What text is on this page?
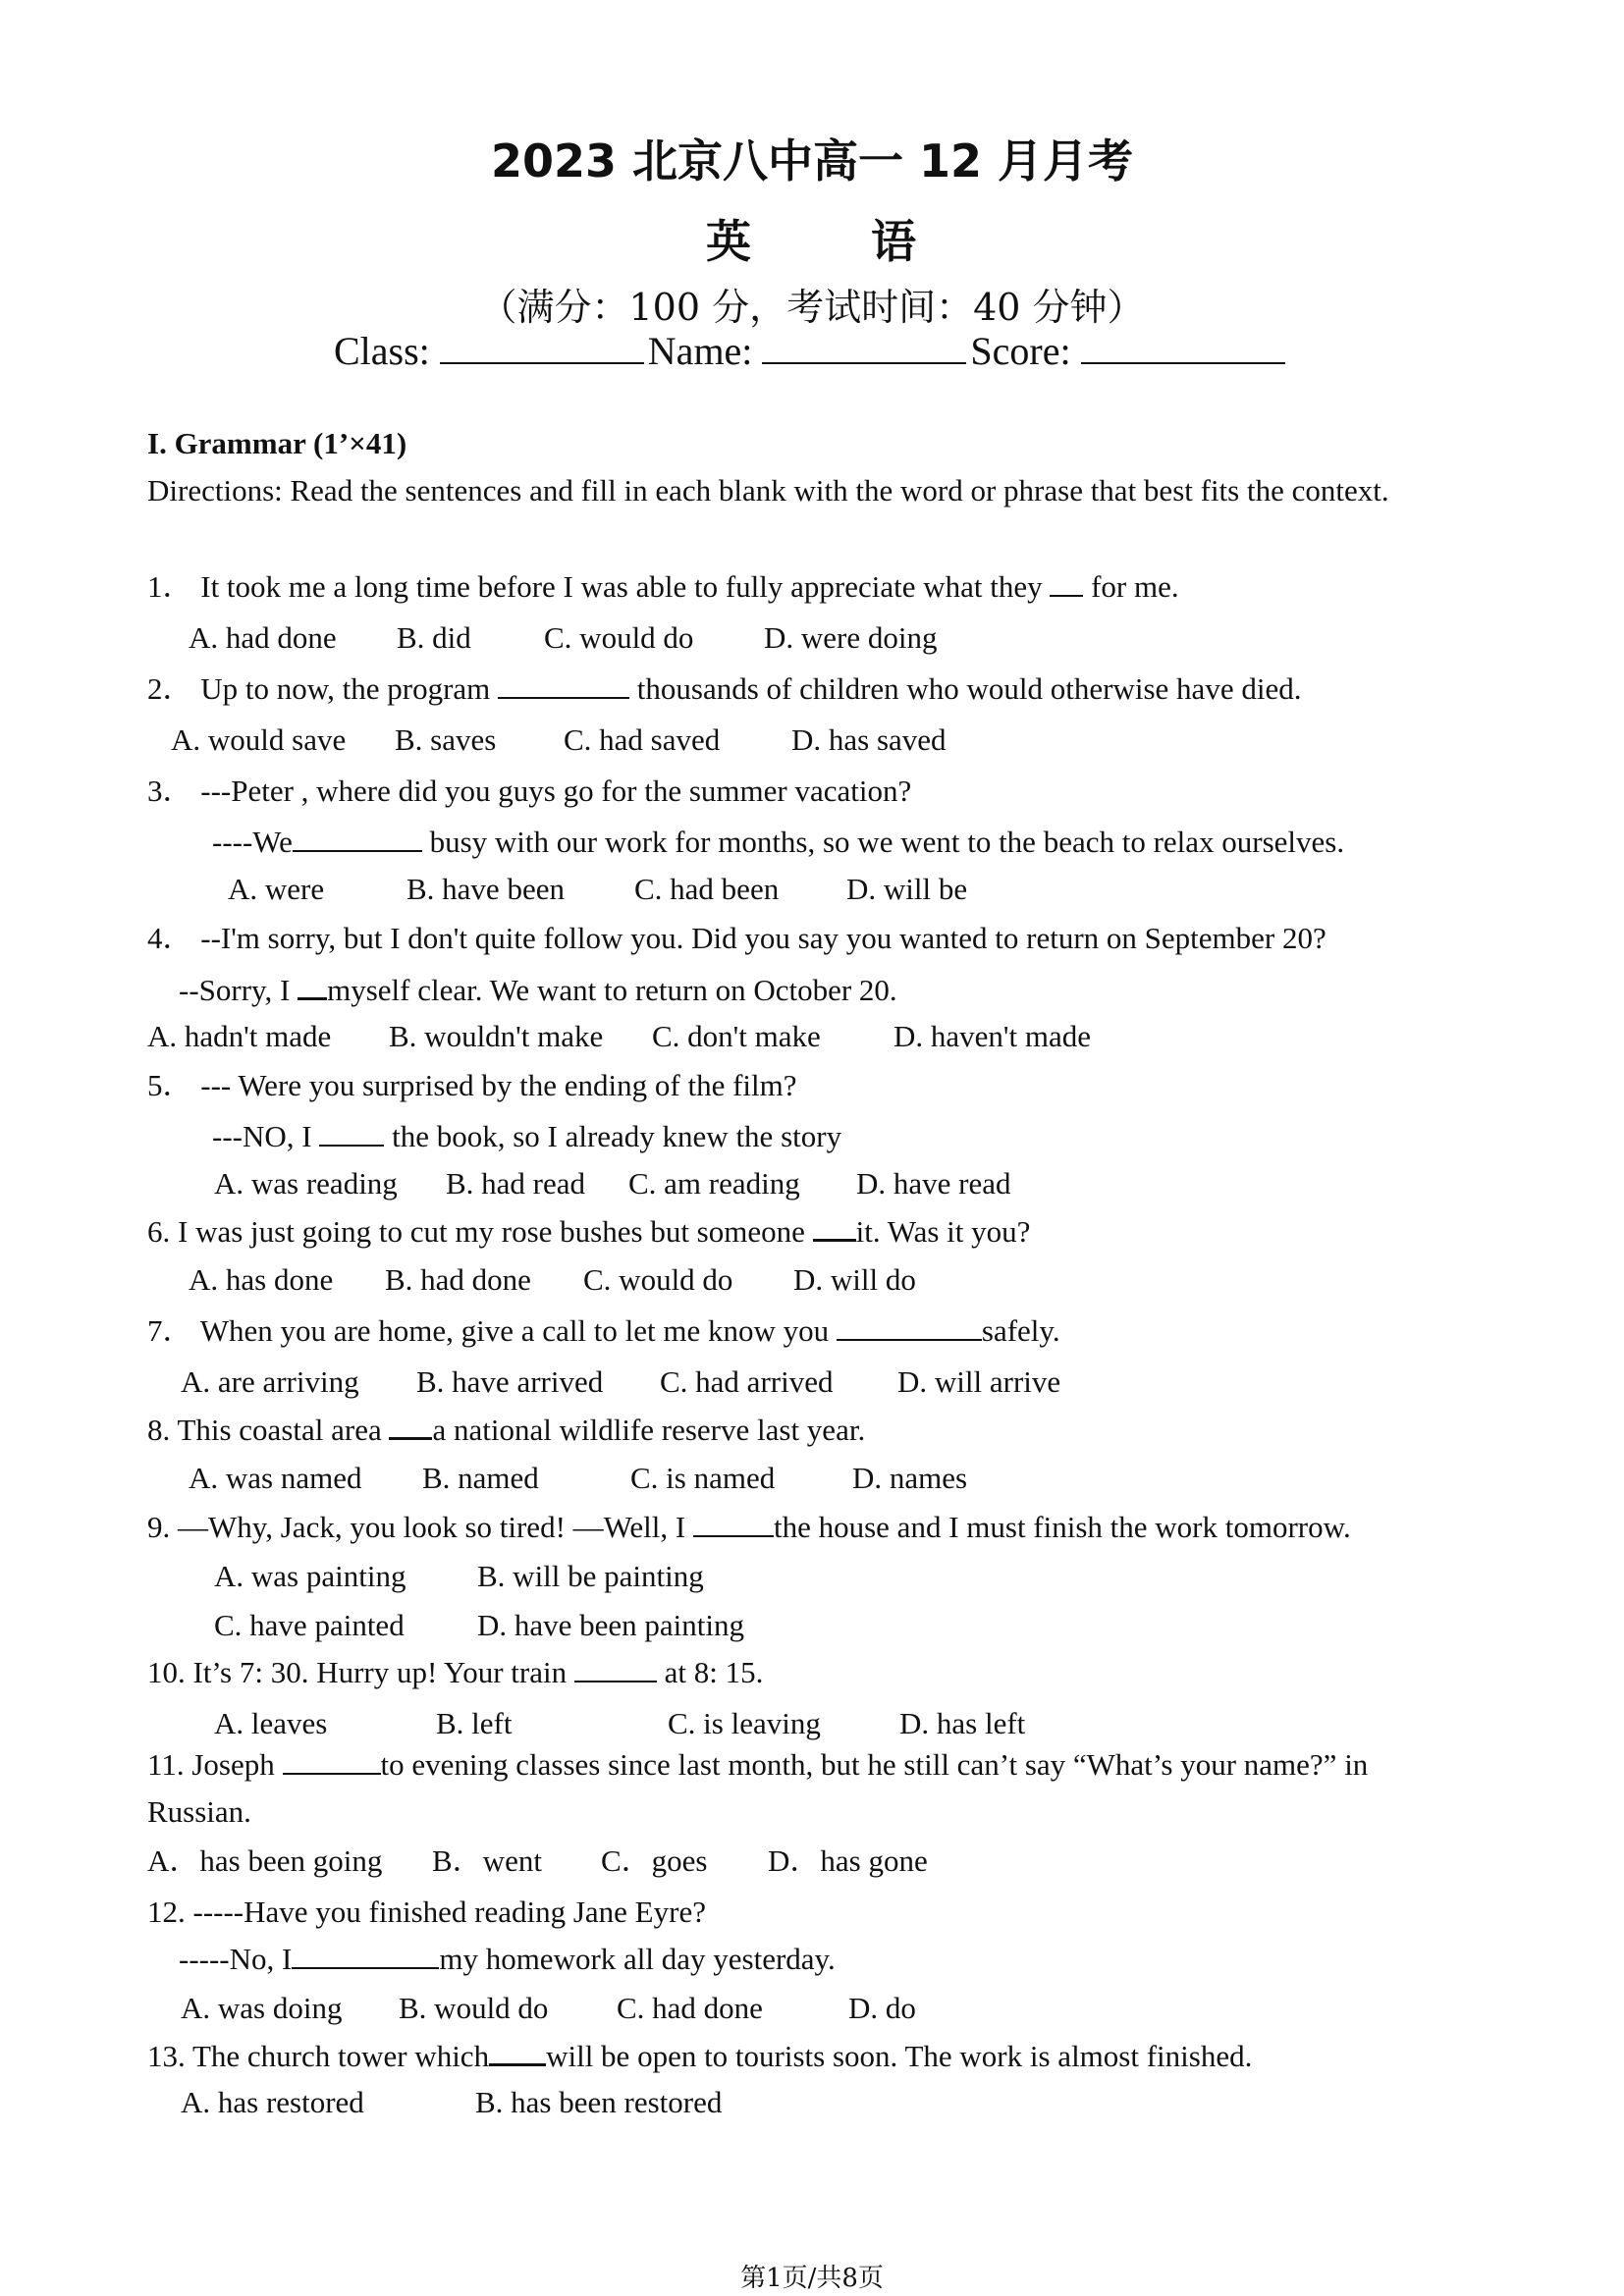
2023 北京八中高一 12 月月考
英	语
（满分：100 分，考试时间：40 分钟）
Class:	Name:	Score:
I. Grammar (1’×41)
Directions: Read the sentences and fill in each blank with the word or phrase that best fits the context.
1． It took me a long time before I was able to fully appreciate what they for me.
A. had done B. did C. would do D. were doing
2． Up to now, the program	thousands of children who would otherwise have died.
A. would save B. saves C. had saved D. has saved
3． ---Peter , where did you guys go for the summer vacation?
----We	busy with our work for months, so we went to the beach to relax ourselves.
A. were	B. have been C. had been D. will be
4． --I'm sorry, but I don't quite follow you. Did you say you wanted to return on September 20?
--Sorry, I myself clear. We want to return on October 20.
A. hadn't made B. wouldn't make C. don't make D. haven't made
5． --- Were you surprised by the ending of the film?
---NO, I	the book, so I already knew the story
A. was reading B. had read C. am reading D. have read
6. I was just going to cut my rose bushes but someone it. Was it you?
A. has done B. had done C. would do D. will do
7． When you are home, give a call to let me know you	safely.
A. are arriving B. have arrived C. had arrived D. will arrive
8. This coastal area a national wildlife reserve last year.
A. was named B. named	C. is named	D. names
9. —Why, Jack, you look so tired! —Well, I	the house and I must finish the work tomorrow.
A. was painting B. will be painting
C. have painted D. have been painting
10. It’s 7: 30. Hurry up! Your train	at 8: 15.
A. leaves	B. left	C. is leaving	D. has left
11. Joseph	to evening classes since last month, but he still can’t say “What’s your name?” in
Russian.
A．has been going B．went C．goes D．has gone
12. -----Have you finished reading Jane Eyre?
-----No, I	my homework all day yesterday.
A. was doing B. would do C. had done	D. do
13. The church tower which will be open to tourists soon. The work is almost finished.
A. has restored	B. has been restored
第1页/共8页
